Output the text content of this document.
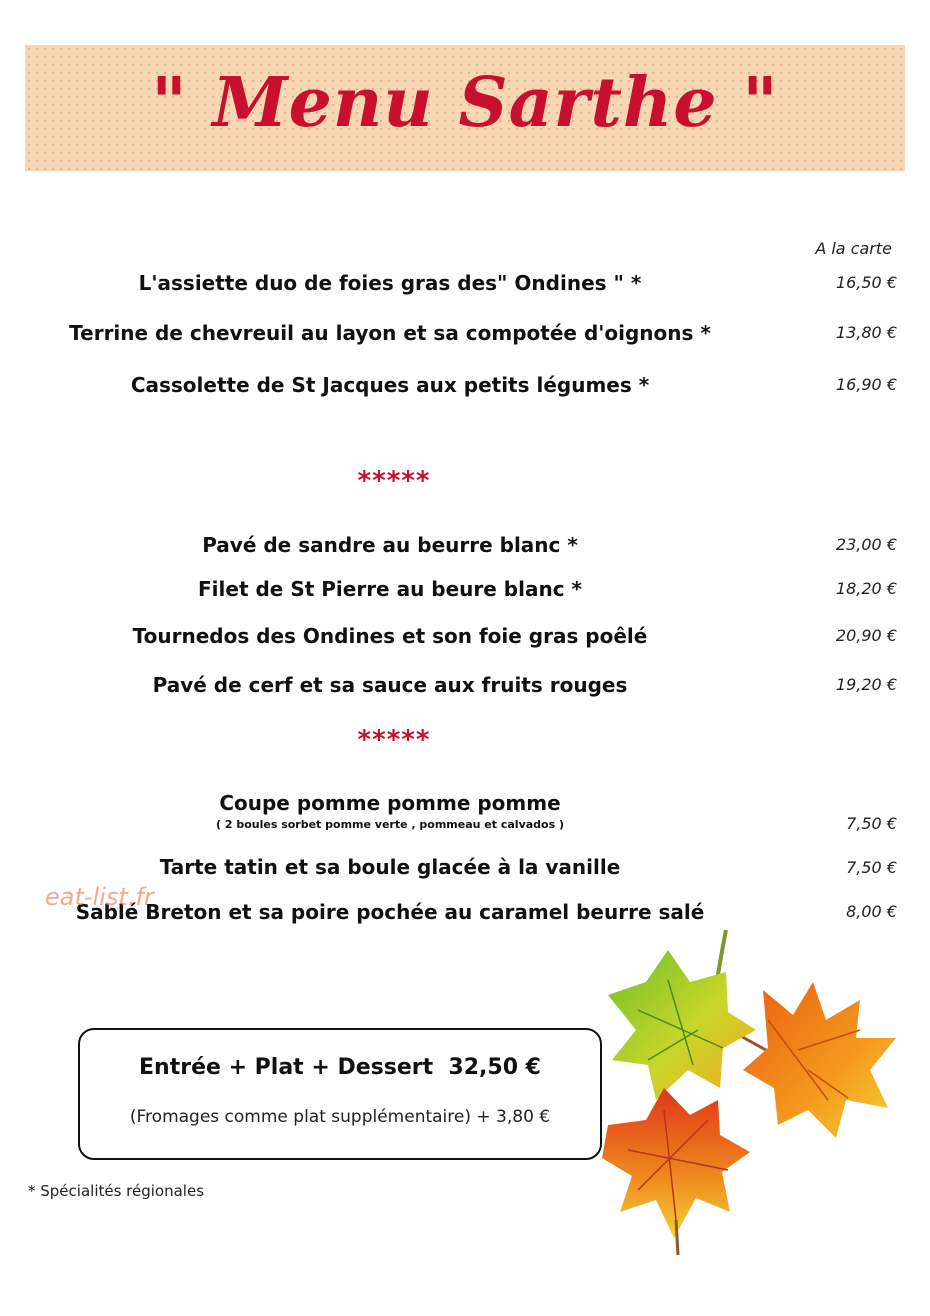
" Menu Sarthe "
A la carte
L'assiette duo de foies gras des" Ondines " *	16,50 €
Terrine de chevreuil au layon et sa compotée d'oignons *	13,80 €
Cassolette de St Jacques aux petits légumes *	16,90 €
*****
Pavé de sandre au beurre blanc *	23,00 €
Filet de St Pierre au beure blanc *	18,20 €
Tournedos des Ondines et son foie gras poêlé	20,90 €
Pavé de cerf et sa sauce aux fruits rouges	19,20 €
*****
Coupe pomme pomme pomme
( 2 boules sorbet pomme verte , pommeau et calvados )	7,50 €
Tarte tatin et sa boule glacée à la vanille	7,50 €
Sablé Breton et sa poire pochée au caramel beurre salé	8,00 €
eat-list.fr
Entrée + Plat + Dessert  32,50 €
(Fromages comme plat supplémentaire) + 3,80 €
* Spécialités régionales
